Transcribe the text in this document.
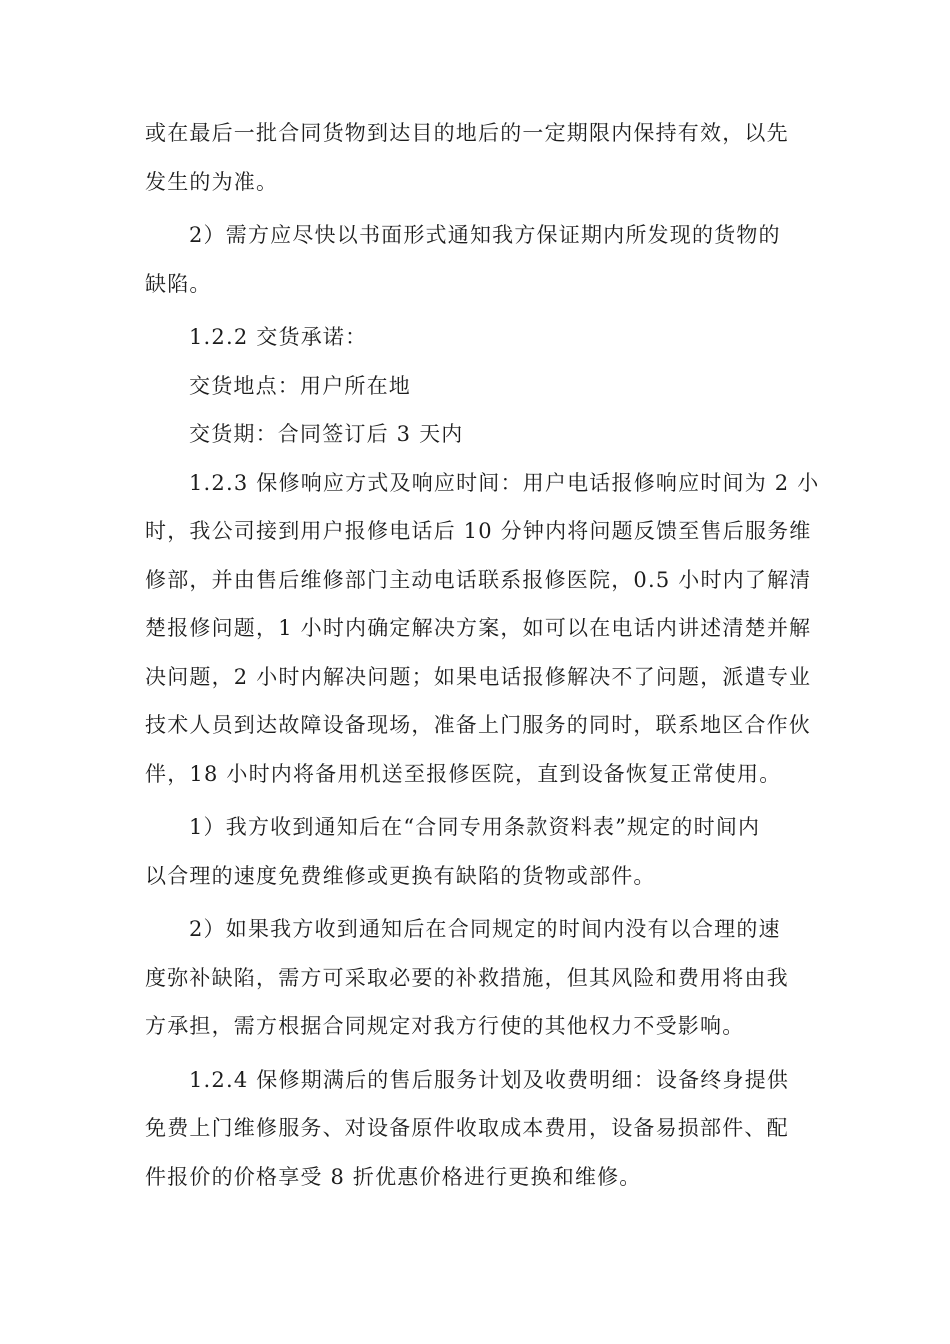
或在最后一批合同货物到达目的地后的一定期限内保持有效，以先
发生的为准。
2）需方应尽快以书面形式通知我方保证期内所发现的货物的
缺陷。
1.2.2 交货承诺：
交货地点：用户所在地
交货期：合同签订后 3 天内
1.2.3 保修响应方式及响应时间：用户电话报修响应时间为 2 小
时，我公司接到用户报修电话后 10 分钟内将问题反馈至售后服务维
修部，并由售后维修部门主动电话联系报修医院，0.5 小时内了解清
楚报修问题，1 小时内确定解决方案，如可以在电话内讲述清楚并解
决问题，2 小时内解决问题；如果电话报修解决不了问题，派遣专业
技术人员到达故障设备现场，准备上门服务的同时，联系地区合作伙
伴，18 小时内将备用机送至报修医院，直到设备恢复正常使用。
1）我方收到通知后在“合同专用条款资料表”规定的时间内
以合理的速度免费维修或更换有缺陷的货物或部件。
2）如果我方收到通知后在合同规定的时间内没有以合理的速
度弥补缺陷，需方可采取必要的补救措施，但其风险和费用将由我
方承担，需方根据合同规定对我方行使的其他权力不受影响。
1.2.4 保修期满后的售后服务计划及收费明细：设备终身提供
免费上门维修服务、对设备原件收取成本费用，设备易损部件、配
件报价的价格享受 8 折优惠价格进行更换和维修。
